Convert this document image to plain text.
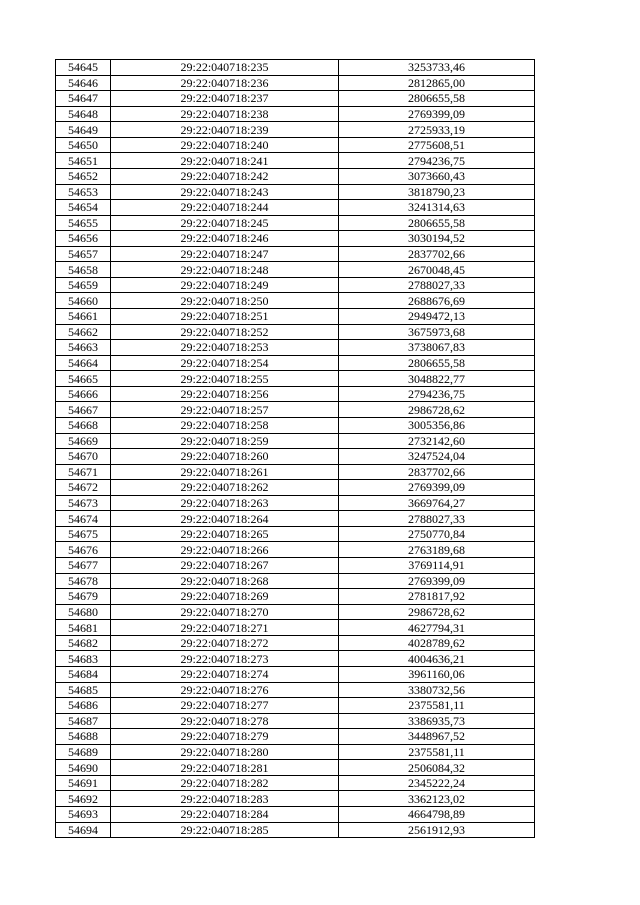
54645	29:22:040718:235	3253733,46
54646	29:22:040718:236	2812865,00
54647	29:22:040718:237	2806655,58
54648	29:22:040718:238	2769399,09
54649	29:22:040718:239	2725933,19
54650	29:22:040718:240	2775608,51
54651	29:22:040718:241	2794236,75
54652	29:22:040718:242	3073660,43
54653	29:22:040718:243	3818790,23
54654	29:22:040718:244	3241314,63
54655	29:22:040718:245	2806655,58
54656	29:22:040718:246	3030194,52
54657	29:22:040718:247	2837702,66
54658	29:22:040718:248	2670048,45
54659	29:22:040718:249	2788027,33
54660	29:22:040718:250	2688676,69
54661	29:22:040718:251	2949472,13
54662	29:22:040718:252	3675973,68
54663	29:22:040718:253	3738067,83
54664	29:22:040718:254	2806655,58
54665	29:22:040718:255	3048822,77
54666	29:22:040718:256	2794236,75
54667	29:22:040718:257	2986728,62
54668	29:22:040718:258	3005356,86
54669	29:22:040718:259	2732142,60
54670	29:22:040718:260	3247524,04
54671	29:22:040718:261	2837702,66
54672	29:22:040718:262	2769399,09
54673	29:22:040718:263	3669764,27
54674	29:22:040718:264	2788027,33
54675	29:22:040718:265	2750770,84
54676	29:22:040718:266	2763189,68
54677	29:22:040718:267	3769114,91
54678	29:22:040718:268	2769399,09
54679	29:22:040718:269	2781817,92
54680	29:22:040718:270	2986728,62
54681	29:22:040718:271	4627794,31
54682	29:22:040718:272	4028789,62
54683	29:22:040718:273	4004636,21
54684	29:22:040718:274	3961160,06
54685	29:22:040718:276	3380732,56
54686	29:22:040718:277	2375581,11
54687	29:22:040718:278	3386935,73
54688	29:22:040718:279	3448967,52
54689	29:22:040718:280	2375581,11
54690	29:22:040718:281	2506084,32
54691	29:22:040718:282	2345222,24
54692	29:22:040718:283	3362123,02
54693	29:22:040718:284	4664798,89
54694	29:22:040718:285	2561912,93
